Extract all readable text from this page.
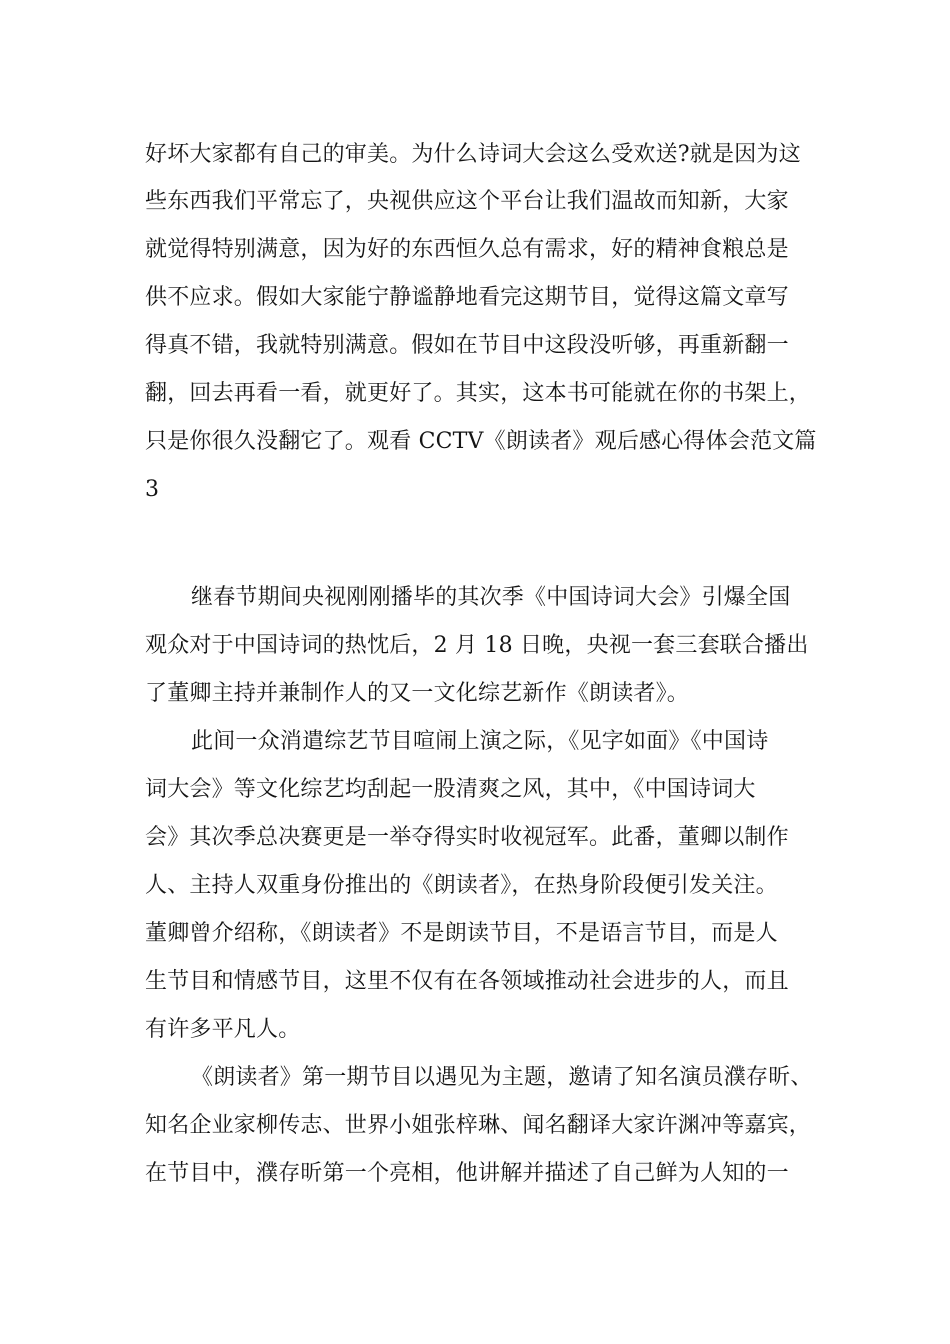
好坏大家都有自己的审美。为什么诗词大会这么受欢送?就是因为这
些东西我们平常忘了，央视供应这个平台让我们温故而知新，大家
就觉得特别满意，因为好的东西恒久总有需求，好的精神食粮总是
供不应求。假如大家能宁静谧静地看完这期节目，觉得这篇文章写
得真不错，我就特别满意。假如在节目中这段没听够，再重新翻一
翻，回去再看一看，就更好了。其实，这本书可能就在你的书架上，
只是你很久没翻它了。观看 CCTV《朗读者》观后感心得体会范文篇
3
继春节期间央视刚刚播毕的其次季《中国诗词大会》引爆全国
观众对于中国诗词的热忱后，2 月 18 日晚，央视一套三套联合播出
了董卿主持并兼制作人的又一文化综艺新作《朗读者》。
此间一众消遣综艺节目喧闹上演之际，《见字如面》《中国诗
词大会》等文化综艺均刮起一股清爽之风，其中，《中国诗词大
会》其次季总决赛更是一举夺得实时收视冠军。此番，董卿以制作
人、主持人双重身份推出的《朗读者》，在热身阶段便引发关注。
董卿曾介绍称，《朗读者》不是朗读节目，不是语言节目，而是人
生节目和情感节目，这里不仅有在各领域推动社会进步的人，而且
有许多平凡人。
《朗读者》第一期节目以遇见为主题，邀请了知名演员濮存昕、
知名企业家柳传志、世界小姐张梓琳、闻名翻译大家许渊冲等嘉宾，
在节目中，濮存昕第一个亮相，他讲解并描述了自己鲜为人知的一
